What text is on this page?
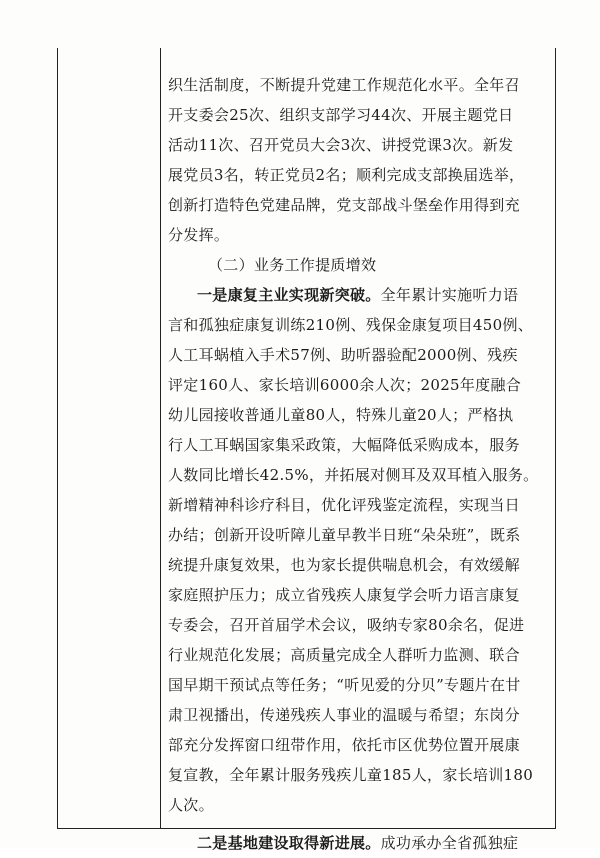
织生活制度，不断提升党建工作规范化水平。全年召
开支委会25次、组织支部学习44次、开展主题党日
活动11次、召开党员大会3次、讲授党课3次。新发
展党员3名，转正党员2名；顺利完成支部换届选举，
创新打造特色党建品牌，党支部战斗堡垒作用得到充
分发挥。
（二）业务工作提质增效
一是康复主业实现新突破。全年累计实施听力语
言和孤独症康复训练210例、残保金康复项目450例、
人工耳蜗植入手术57例、助听器验配2000例、残疾
评定160人、家长培训6000余人次；2025年度融合
幼儿园接收普通儿童80人，特殊儿童20人；严格执
行人工耳蜗国家集采政策，大幅降低采购成本，服务
人数同比增长42.5%，并拓展对侧耳及双耳植入服务。
新增精神科诊疗科目，优化评残鉴定流程，实现当日
办结；创新开设听障儿童早教半日班“朵朵班”，既系
统提升康复效果，也为家长提供喘息机会，有效缓解
家庭照护压力；成立省残疾人康复学会听力语言康复
专委会，召开首届学术会议，吸纳专家80余名，促进
行业规范化发展；高质量完成全人群听力监测、联合
国早期干预试点等任务；“听见爱的分贝”专题片在甘
肃卫视播出，传递残疾人事业的温暖与希望；东岗分
部充分发挥窗口纽带作用，依托市区优势位置开展康
复宣教，全年累计服务残疾儿童185人，家长培训180
人次。
二是基地建设取得新进展。成功承办全省孤独症
